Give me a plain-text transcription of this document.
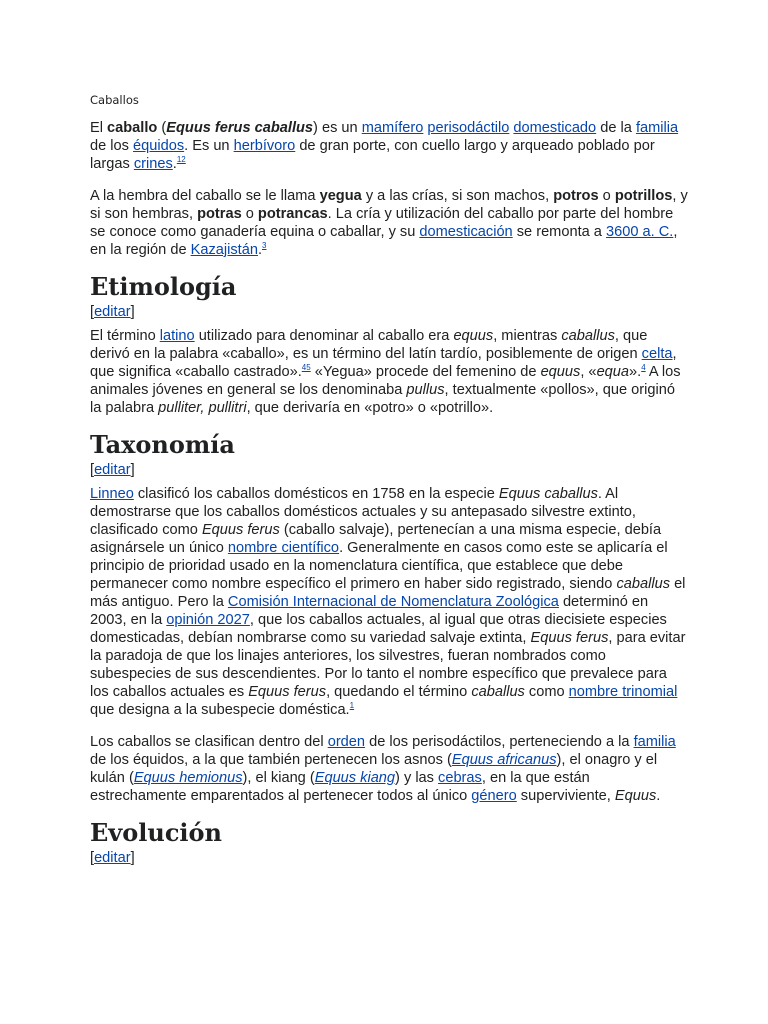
Caballos

El caballo (Equus ferus caballus) es un mamífero perisodáctilo domesticado de la familia de los équidos. Es un herbívoro de gran porte, con cuello largo y arqueado poblado por largas crines.$^{12}$

A la hembra del caballo se le llama yegua y a las crías, si son machos, potros o potrillos, y si son hembras, potras o potrancas. La cría y utilización del caballo por parte del hombre se conoce como ganadería equina o caballar, y su domesticación se remonta a 3600 a. C., en la región de Kazajistán.$^3$

Etimología
[editar]

El término latino utilizado para denominar al caballo era equus, mientras caballus, que derivó en la palabra «caballo», es un término del latín tardío, posiblemente de origen celta, que significa «caballo castrado».$^{45}$ «Yegua» procede del femenino de equus, «equa».$^4$ A los animales jóvenes en general se los denominaba pullus, textualmente «pollos», que originó la palabra pulliter, pullitri, que derivaría en «potro» o «potrillo».

Taxonomía
[editar]

Linneo clasificó los caballos domésticos en 1758 en la especie Equus caballus. Al demostrarse que los caballos domésticos actuales y su antepasado silvestre extinto, clasificado como Equus ferus (caballo salvaje), pertenecían a una misma especie, debía asignársele un único nombre científico. Generalmente en casos como este se aplicaría el principio de prioridad usado en la nomenclatura científica, que establece que debe permanecer como nombre específico el primero en haber sido registrado, siendo caballus el más antiguo. Pero la Comisión Internacional de Nomenclatura Zoológica determinó en 2003, en la opinión 2027, que los caballos actuales, al igual que otras diecisiete especies domesticadas, debían nombrarse como su variedad salvaje extinta, Equus ferus, para evitar la paradoja de que los linajes anteriores, los silvestres, fueran nombrados como subespecies de sus descendientes. Por lo tanto el nombre específico que prevalece para los caballos actuales es Equus ferus, quedando el término caballus como nombre trinomial que designa a la subespecie doméstica.$^1$

Los caballos se clasifican dentro del orden de los perisodáctilos, perteneciendo a la familia de los équidos, a la que también pertenecen los asnos (Equus africanus), el onagro y el kulán (Equus hemionus), el kiang (Equus kiang) y las cebras, en la que están estrechamente emparentados al pertenecer todos al único género superviviente, Equus.

Evolución
[editar]
